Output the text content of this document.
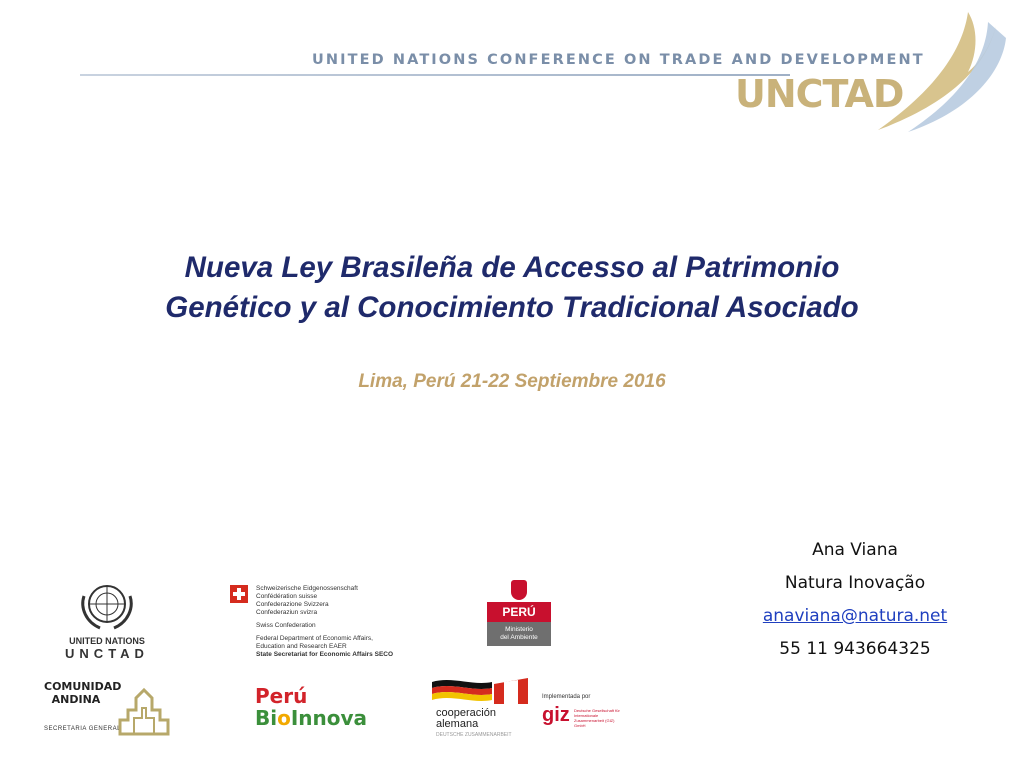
UNITED NATIONS CONFERENCE ON TRADE AND DEVELOPMENT
UNCTAD
Nueva Ley Brasileña de Accesso al Patrimonio
Genético y al Conocimiento Tradicional Asociado
Lima, Perú 21-22 Septiembre 2016
Ana Viana
Natura Inovação
anaviana@natura.net
55 11 943664325
UNITED NATIONS
UNCTAD
Schweizerische Eidgenossenschaft
Confédération suisse
Confederazione Svizzera
Confederaziun svizra
Swiss Confederation
Federal Department of Economic Affairs,
Education and Research EAER
State Secretariat for Economic Affairs SECO
PERÚ
Ministerio
del Ambiente
COMUNIDAD
ANDINA
SECRETARIA GENERAL
Perú
BioInnova	cooperación
alemana
DEUTSCHE ZUSAMMENARBEIT
Implementada por
giz Deutsche Gesellschaft für Internationale Zusammenarbeit (GIZ) GmbH
